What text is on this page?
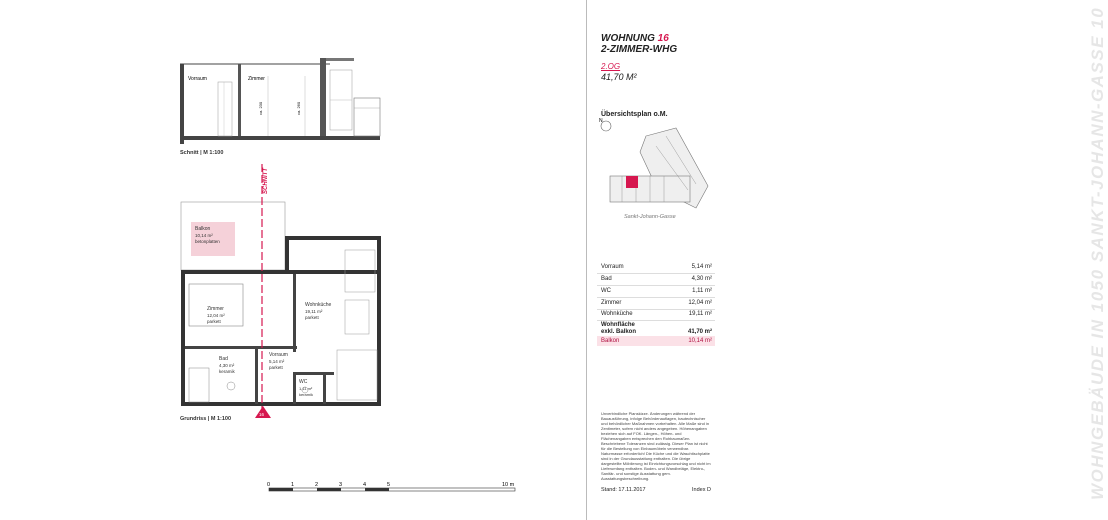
WOHNGEBÄUDE IN 1050 SANKT-JOHANN-GASSE 10
WOHNUNG 16
2-ZIMMER-WHG
2.OG
41,70 M²
Übersichtsplan o.M.
N
Sankt-Johann-Gasse
Vorraum	5,14 m²
Bad	4,30 m²
WC	1,11 m²
Zimmer	12,04 m²
Wohnküche	19,11 m²
Wohnfläche
exkl. Balkon	41,70 m²
Balkon	10,14 m²
Unverbindliche Planskizze. Änderungen während der Bauausführung, infolge Behördenauflagen, bautechnischer und behördlicher Maßnahmen vorbehalten. Alle Maße sind in Zentimeter, sofern nicht anders angegeben. Höhenangaben beziehen sich auf FOK. Längen-, Höhen- und Flächenangaben entsprechen den Rohbaumaßen. Beschriebene Toleranzen sind zulässig. Dieser Plan ist nicht für die Bestellung von Einbaumöbeln verwendbar. Naturmasse erforderlich! Die Küche und die Waschtischplatte sind in der Grundausstattung enthalten. Die übrige dargestellte Möblierung ist Einrichtungsvorschlag und nicht im Lieferumfang enthalten. Boden- und Wandbeläge, Elektro-, Sanitär- und sonstige Ausstattung gem. Ausstattungsbeschreibung.
Stand: 17.11.2017	Index D
Vorraum	Zimmer
ca. 230	ca. 260
Schnitt | M 1:100
SCHNITT
16
Balkon
10,14 m²
betonplatten
Zimmer
12,04 m²
parkett
Wohnküche
19,11 m²
parkett
Bad
4,30 m²
keramik
Vorraum
5,14 m²
parkett
WC
1,11 m²
keramik
Grundriss | M 1:100
0	1	2	3	4	5	10 m
